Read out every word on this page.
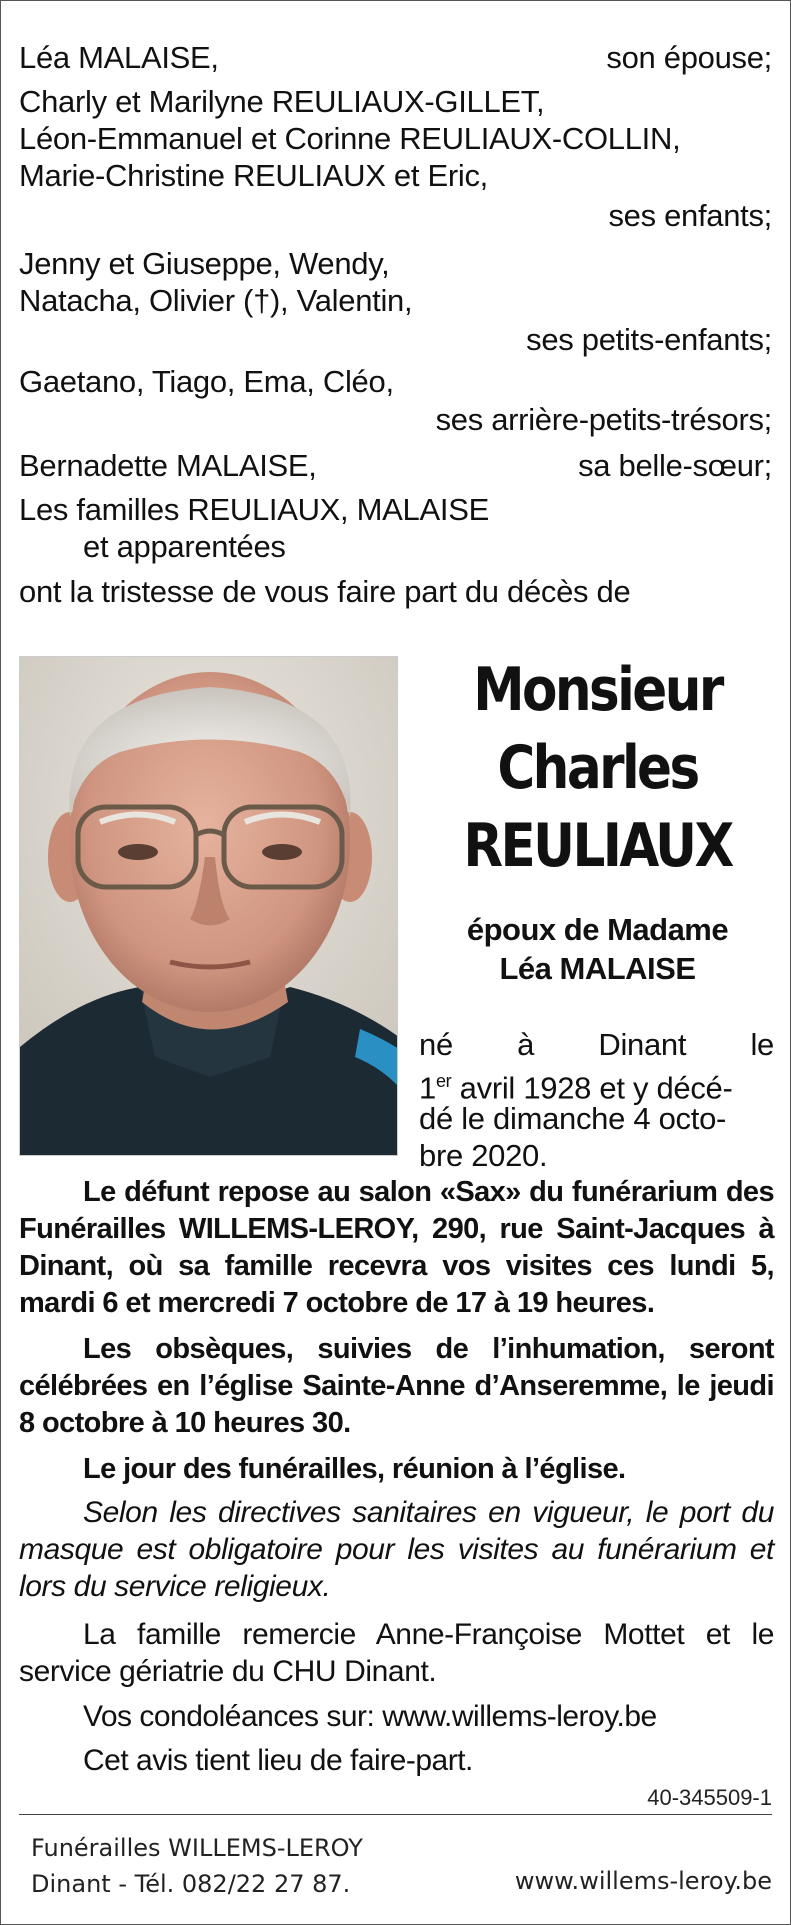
Léa MALAISE,	son épouse;
Charly et Marilyne REULIAUX-GILLET,
Léon-Emmanuel et Corinne REULIAUX-COLLIN,
Marie-Christine REULIAUX et Eric,
ses enfants;
Jenny et Giuseppe, Wendy,
Natacha, Olivier (†), Valentin,
ses petits-enfants;
Gaetano, Tiago, Ema, Cléo,
ses arrière-petits-trésors;
Bernadette MALAISE,	sa belle-sœur;
Les familles REULIAUX, MALAISE
et apparentées
ont la tristesse de vous faire part du décès de
Monsieur
Charles
REULIAUX
époux de Madame
Léa MALAISE
né à Dinant le
1er avril 1928 et y décé-
dé le dimanche 4 octo-
bre 2020.

Le défunt repose au salon «Sax» du funérarium des Funérailles WILLEMS-LEROY, 290, rue Saint-Jacques à Dinant, où sa famille recevra vos visites ces lundi 5, mardi 6 et mercredi 7 octobre de 17 à 19 heures.

Les obsèques, suivies de l’inhumation, seront célébrées en l’église Sainte-Anne d’Anseremme, le jeudi 8 octobre à 10 heures 30.

Le jour des funérailles, réunion à l’église.

Selon les directives sanitaires en vigueur, le port du masque est obligatoire pour les visites au funérarium et lors du service religieux.

La famille remercie Anne-Françoise Mottet et le service gériatrie du CHU Dinant.

Vos condoléances sur: www.willems-leroy.be

Cet avis tient lieu de faire-part.

40-345509-1
Funérailles WILLEMS-LEROY
Dinant - Tél. 082/22 27 87.	www.willems-leroy.be
